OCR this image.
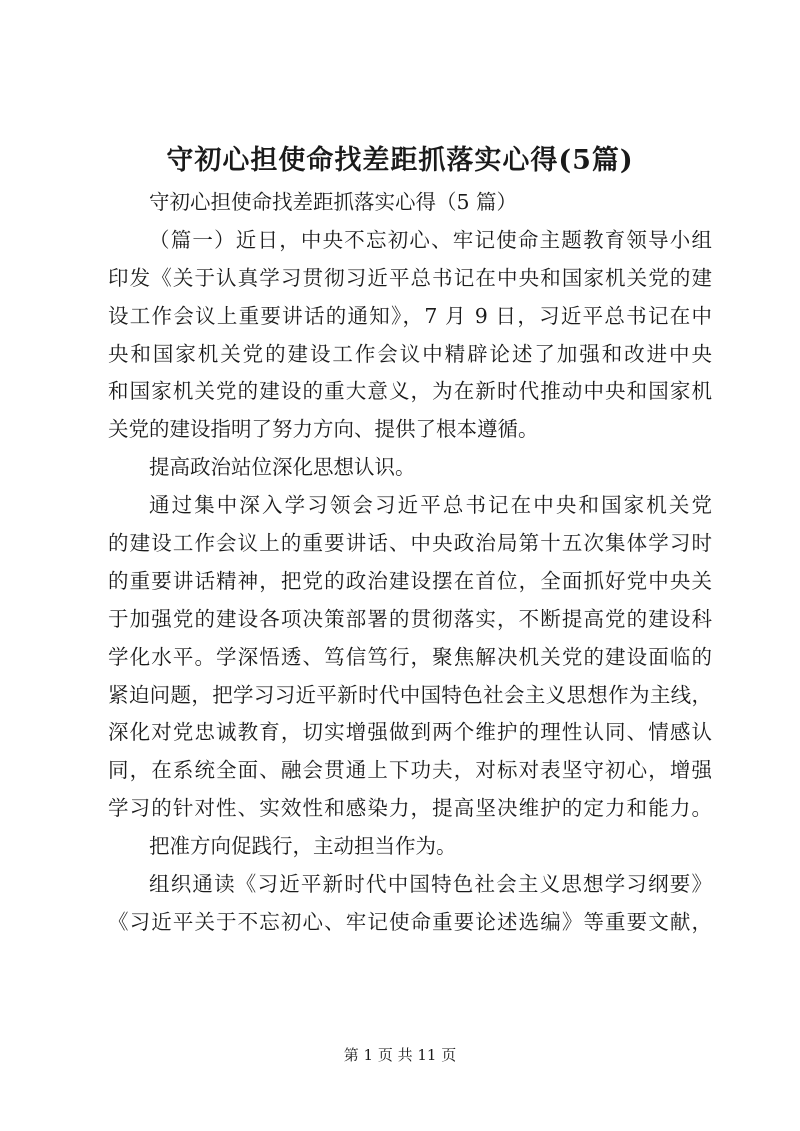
守初心担使命找差距抓落实心得(5篇)
守初心担使命找差距抓落实心得（5 篇）
（篇一）近日，中央不忘初心、牢记使命主题教育领导小组
印发《关于认真学习贯彻习近平总书记在中央和国家机关党的建
设工作会议上重要讲话的通知》，7 月 9 日，习近平总书记在中
央和国家机关党的建设工作会议中精辟论述了加强和改进中央
和国家机关党的建设的重大意义，为在新时代推动中央和国家机
关党的建设指明了努力方向、提供了根本遵循。
提高政治站位深化思想认识。
通过集中深入学习领会习近平总书记在中央和国家机关党
的建设工作会议上的重要讲话、中央政治局第十五次集体学习时
的重要讲话精神，把党的政治建设摆在首位，全面抓好党中央关
于加强党的建设各项决策部署的贯彻落实，不断提高党的建设科
学化水平。学深悟透、笃信笃行，聚焦解决机关党的建设面临的
紧迫问题，把学习习近平新时代中国特色社会主义思想作为主线，
深化对党忠诚教育，切实增强做到两个维护的理性认同、情感认
同，在系统全面、融会贯通上下功夫，对标对表坚守初心，增强
学习的针对性、实效性和感染力，提高坚决维护的定力和能力。
把准方向促践行，主动担当作为。
组织通读《习近平新时代中国特色社会主义思想学习纲要》
《习近平关于不忘初心、牢记使命重要论述选编》等重要文献，
第 1 页 共 11 页
